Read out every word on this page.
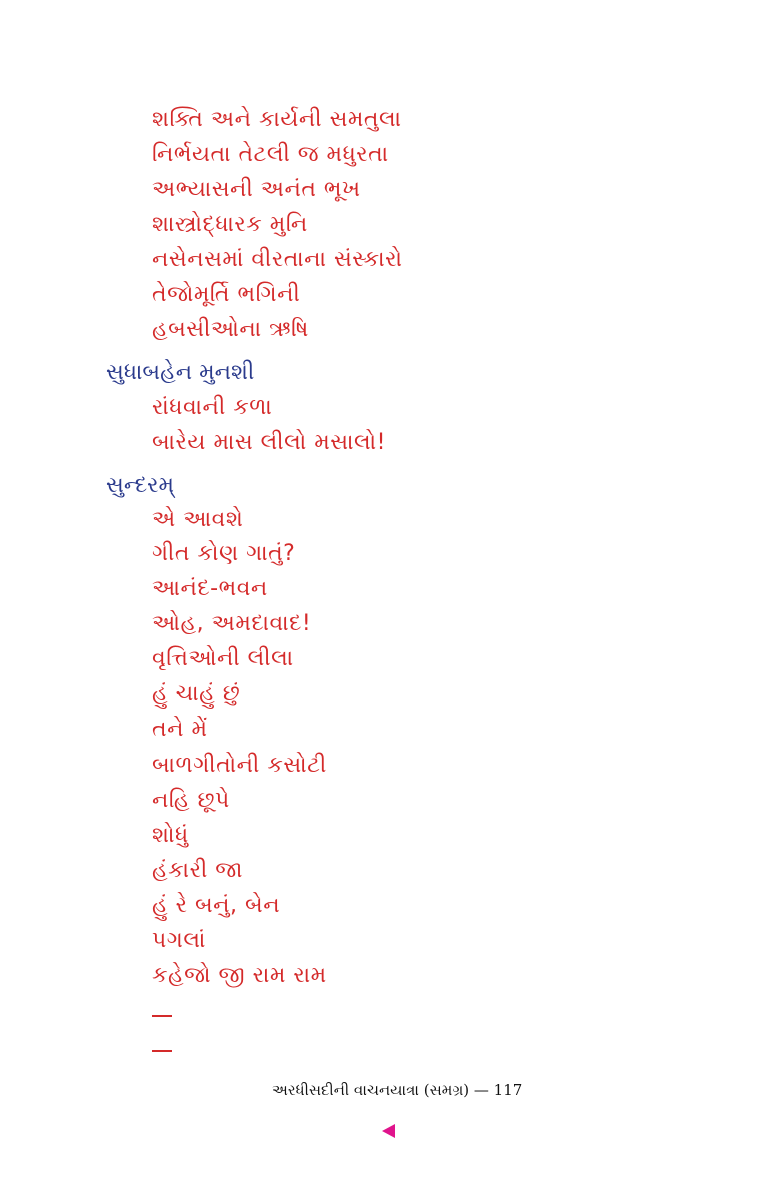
શક્તિ અને કાર્યની સમતુલા
નિર્ભયતા તેટલી જ મધુરતા
અભ્યાસની અનંત ભૂખ
શાસ્ત્રોદ્ધારક મુનિ
નસેનસમાં વીરતાના સંસ્કારો
તેજોમૂર્તિ ભગિની
હબસીઓના ઋષિ
સુધાબહેન મુનશી
રાંધવાની કળા
બારેય માસ લીલો મસાલો!
સુન્દરમ્
એ આવશે
ગીત કોણ ગાતું?
આનંદ-ભવન
ઓહ, અમદાવાદ!
વૃત્તિઓની લીલા
હું ચાહું છું
તને મેં
બાળગીતોની કસોટી
નહિ છૂપે
શોધું
હંકારી જા
હું રે બનું, બેન
પગલાં
કહેજો જી રામ રામ
અરધીસદીની વાચનયાત્રા (સમગ્ર) — 117
